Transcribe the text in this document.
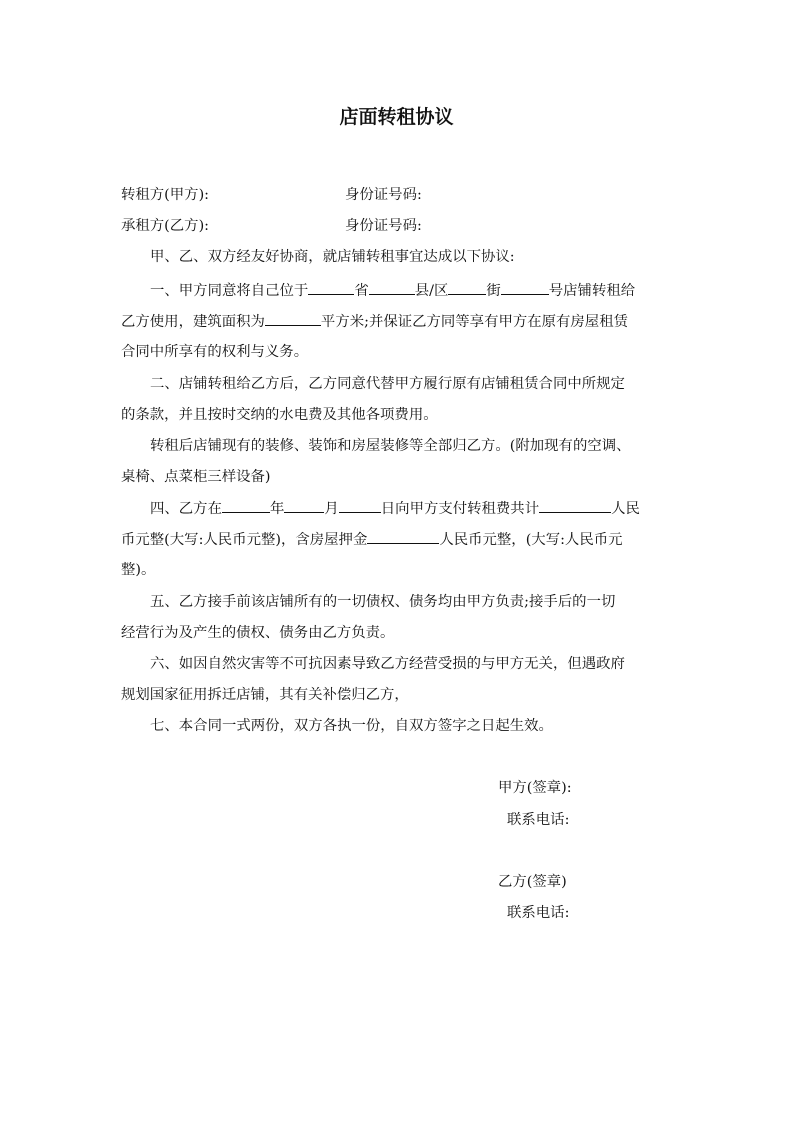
店面转租协议
转租方(甲方):	身份证号码:
承租方(乙方):	身份证号码:
甲、乙、双方经友好协商，就店铺转租事宜达成以下协议:
一、甲方同意将自己位于	省	县/区	街	号店铺转租给
乙方使用，建筑面积为	平方米;并保证乙方同等享有甲方在原有房屋租赁
合同中所享有的权利与义务。
二、店铺转租给乙方后，乙方同意代替甲方履行原有店铺租赁合同中所规定
的条款，并且按时交纳的水电费及其他各项费用。
转租后店铺现有的装修、装饰和房屋装修等全部归乙方。(附加现有的空调、
桌椅、点菜柜三样设备)
四、乙方在	年	月	日向甲方支付转租费共计	人民
币元整(大写:人民币元整)，含房屋押金	人民币元整，(大写:人民币元
整)。
五、乙方接手前该店铺所有的一切债权、债务均由甲方负责;接手后的一切
经营行为及产生的债权、债务由乙方负责。
六、如因自然灾害等不可抗因素导致乙方经营受损的与甲方无关，但遇政府
规划国家征用拆迁店铺，其有关补偿归乙方，
七、本合同一式两份，双方各执一份，自双方签字之日起生效。
甲方(签章):
联系电话:
乙方(签章)
联系电话:
